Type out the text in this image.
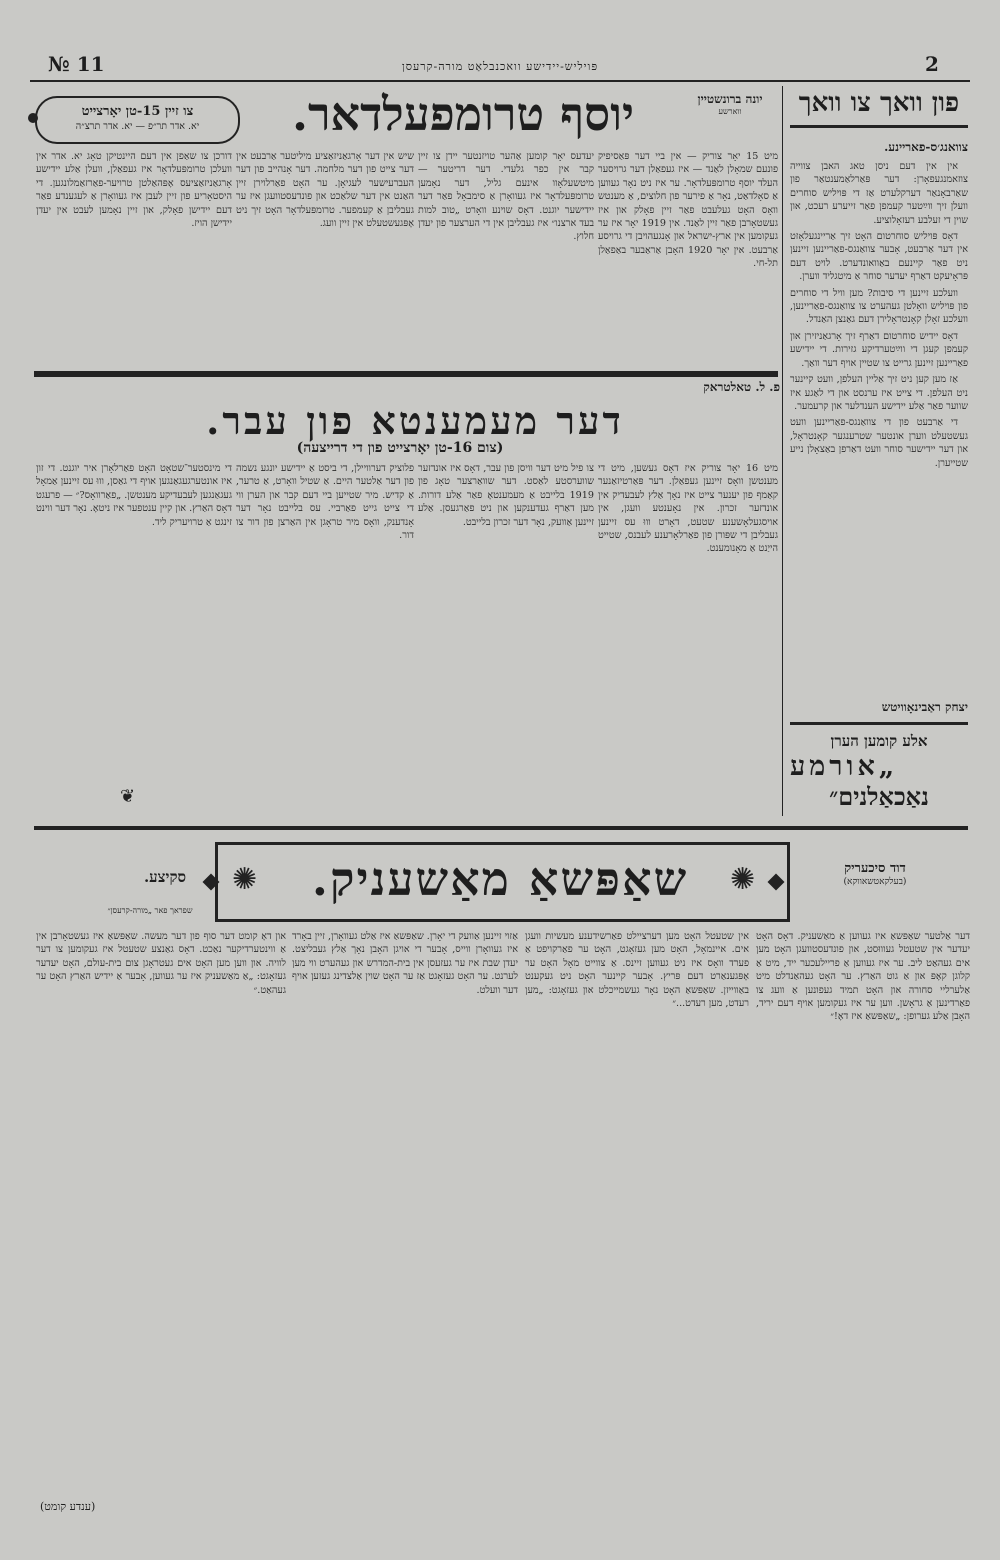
№ 11	פּויליש-יידישע וואכנבלאַט מורה-קרעסן	2
פון וואך צו וואך
צוואנג׳ס-פאריינע.

אין אין דעם ניסן טאג האבן צווייה צוזאמנגעפאָרן: דער פּאַרלאַמענטאַר פון שאַרבאָנאַר דערקלערט אַז די פּויליש סוחרים וועלן זיך ווײַטער קעמפן פאַר זייערע רעכט, און שוין די זעלבע רעזאָלוציע.

דאָס פּויליש סוחרטום האָט זיך אַריינגעלאָזט אין דער אַרבעט, אָבער צוואַנגס-פאַריינען זיינען ניט פאַר קיינעם באַוואונדערט. לויט דעם פּראָיעקט דאַרף יעדער סוחר אַ מיטגליד ווערן.

וועלכע זיינען די סיבות? מען וויל די סוחרים פון פּויליש וואָלטן געהערט צו צוואַנגס-פאַריינען, וועלכע זאָלן קאָנטראָלירן דעם גאַנצן האַנדל.

דאָס יידיש סוחרטום דאַרף זיך אָרגאַניזירן און קעמפן קעגן די ווײַטערדיקע גזירות. די יידישע פאַריינען זיינען גרייט צו שטיין אויף דער וואַך.

אַז מען קען ניט זיך אַליין העלפן, וועט קיינער ניט העלפן. די צייט איז ערנסט און די לאַגע איז שווער פאַר אַלע יידישע הענדלער און קרעמער.

די אַרבעט פון די צוואַנגס-פאַריינען וועט געשטעלט ווערן אונטער שטרענגער קאָנטראָל, און דער יידישער סוחר וועט דאַרפן באַצאָלן נייע שטייערן.

יצחק ראַבינאָוויטש
אלע קומען הערן
„אורמע
נאַכאַלנים״
יונה ברונשטיין
ווארשע
יוסף טרומפעלדאר.
צו זיין 15-טן יאָרצייט
יא. אדר תר״פ — יא. אדר תרצ״ה
מיט 15 יאָר צוריק — אין ביי דער פּאַסיפיק פונעם שמאָלן לאַנד — איז געפאַלן דער גרויסער העלד יוסף טרומפּעלדאָר. ער איז ניט נאָר געווען אַ סאָלדאַט, נאָר אַ פירער פון חלוצים, אַ מענטש וואָס האָט געלעבט פאַר זיין פאָלק און איז געשטאָרבן פאַר זיין לאַנד. אין 1919 יאָר איז ער געקומען אין ארץ-ישראל און אָנגעהויבן די גרויסע אַרבעט. אין יאָר 1920 האָבן אַראַבער באַפאַלן תל-חי.
יעדעס יאָר קומען אַהער טויזנטער יידן צו זיין קבר אין כפר גלעדי. דער דריטער — מיטשעלאָוו אינעם גליל, דער נאָמען טרומפּעלדאָר איז געוואָרן אַ סימבאָל פאַר דער יידישער יוגנט. דאָס שוינע וואָרט „טוב למות בעד ארצנו״ איז געבליבן אין די הערצער פון יעדן חלוץ.
שיש אין דער אָרגאַניזאַציע מיליטער אַרבעט אין דער צייט פון דער מלחמה. דער אָנהייב פון דער העברעישער לעגיאָן. ער האָט פאַרלוירן זיין האַנט אין דער שלאַכט און פונדעסטוועגן איז ער געבליבן אַ קעמפער. טרומפּעלדאָר האָט זיך ניט אָפּגעשטעלט אין זיין וועג.
דורכן צו שאַפן אין דעם היינטיקן טאָג יא. אדר אין וועלכן טרומפּעלדאָר איז געפאַלן, וועלן אַלע יידישע אָרגאַניזאַציעס אָפּהאַלטן טרויער-פאַרזאַמלונגען. די היסטאָריע פון זיין לעבן איז געוואָרן אַ לעגענדע פאַר דעם יידישן פאָלק, און זיין נאָמען לעבט אין יעדן יידישן הויז.
פ. ל. טאלטראק
דער מעמענטא פון עבר.
(צום 16-טן יאָרצייט פון די דרייצעה)
מיט 16 יאָר צוריק איז דאָס געשען, מיט די מענטשן וואָס זיינען געפאַלן. דער פּאַרטיזאַנער קאַמף פון יענער צייט איז נאָך אַלץ לעבעדיק אין אונדזער זכרון. אין נאָענטע וועגן, אין אויסגעלאָשענע שטעט, דאָרט וווּ עס זיינען געבליבן די שפּורן פון פאַרלאָרענע לעבנס, שטייט הייַנט אַ מאָנומענט.
צו פיל מיט דער וויסן פון עבר, דאָס איז אונדזער שווערסטע לאַסט. דער שוואַרצער טאָג פון 1919 בלייבט אַ מעמענטאָ פאַר אַלע דורות. מען דאַרף געדענקען און ניט פאַרגעסן. אַלע זיינען אַוועק, נאָר דער זכרון בלייבט.
פלוציק דערוויילן, די ביסט אַ יידישע יונגע נשמה פון דער אַלטער היים. אַ שטיל וואָרט, אַ טרער, אַ קדיש. מיר שטייען ביי דעם קבר און הערן ווי די צייט גייט פאַרביי. עס בלייבט נאָר דער אָנדענק, וואָס מיר טראָגן אין האַרצן פון דור צו דור.
די מינסטער־שטאָט האָט פאַרלאָרן איר יוגנט. די זון איז אונטערגעגאַנגען אויף די גאַסן, וווּ עס זיינען אַמאָל געגאַנגען לעבעדיקע מענטשן. „פאַרוואָס?״ — פרעגט דאָס האַרץ. און קיין ענטפער איז ניטאָ. נאָר דער ווינט זינגט אַ טרויעריק ליד.
❦
שאַפּשאַ מאַשעניק.
✺	✺	דוד סיכעריק
(בעלקאטשאווקא)
סקיצע.
שפראך פאר „מורה-קרעסן״
דער אַלטער שאַפּשאַ איז געווען אַ מאַשעניק. דאָס האָט יעדער אין שטעטל געוווּסט, און פונדעסטוועגן האָט מען אים געהאַט ליב. ער איז געווען אַ פריילעכער ייד, מיט אַ קלוגן קאָפּ און אַ גוט האַרץ. ער האָט געהאַנדלט מיט אַלערליי סחורה און האָט תמיד געפונען אַ וועג צו פאַרדינען אַ גראָשן. ווען ער איז געקומען אויף דעם יריד, האָבן אַלע גערופן: „שאַפּשאַ איז דאָ!״
אין שטעטל האָט מען דערציילט פאַרשידענע מעשיות וועגן אים. איינמאָל, האָט מען געזאָגט, האָט ער פאַרקויפט אַ פערד וואָס איז ניט געווען זיינס. אַ צווייט מאָל האָט ער אָפּגענאַרט דעם פּריץ. אָבער קיינער האָט ניט געקענט באַווייזן. שאַפּשאַ האָט נאָר געשמייכלט און געזאָגט: „מען רעדט, מען רעדט...״
אַזוי זיינען אַוועק די יאָרן. שאַפּשאַ איז אַלט געוואָרן, זיין באָרד איז געוואָרן ווייס, אָבער די אויגן האָבן נאָך אַלץ געבליצט. יעדן שבת איז ער געזעסן אין בית-המדרש און געהערט ווי מען לערנט. ער האָט געזאָגט אַז ער האָט שוין אַלצדינג געזען אויף דער וועלט.
און דאָ קומט דער סוף פון דער מעשה. שאַפּשאַ איז געשטאָרבן אין אַ ווינטערדיקער נאַכט. דאָס גאַנצע שטעטל איז געקומען צו דער לוויה. און ווען מען האָט אים געטראָגן צום בית-עולם, האָט יעדער געזאָגט: „אַ מאַשעניק איז ער געווען, אָבער אַ יידיש האַרץ האָט ער געהאַט.״
(ענדע קומט)
